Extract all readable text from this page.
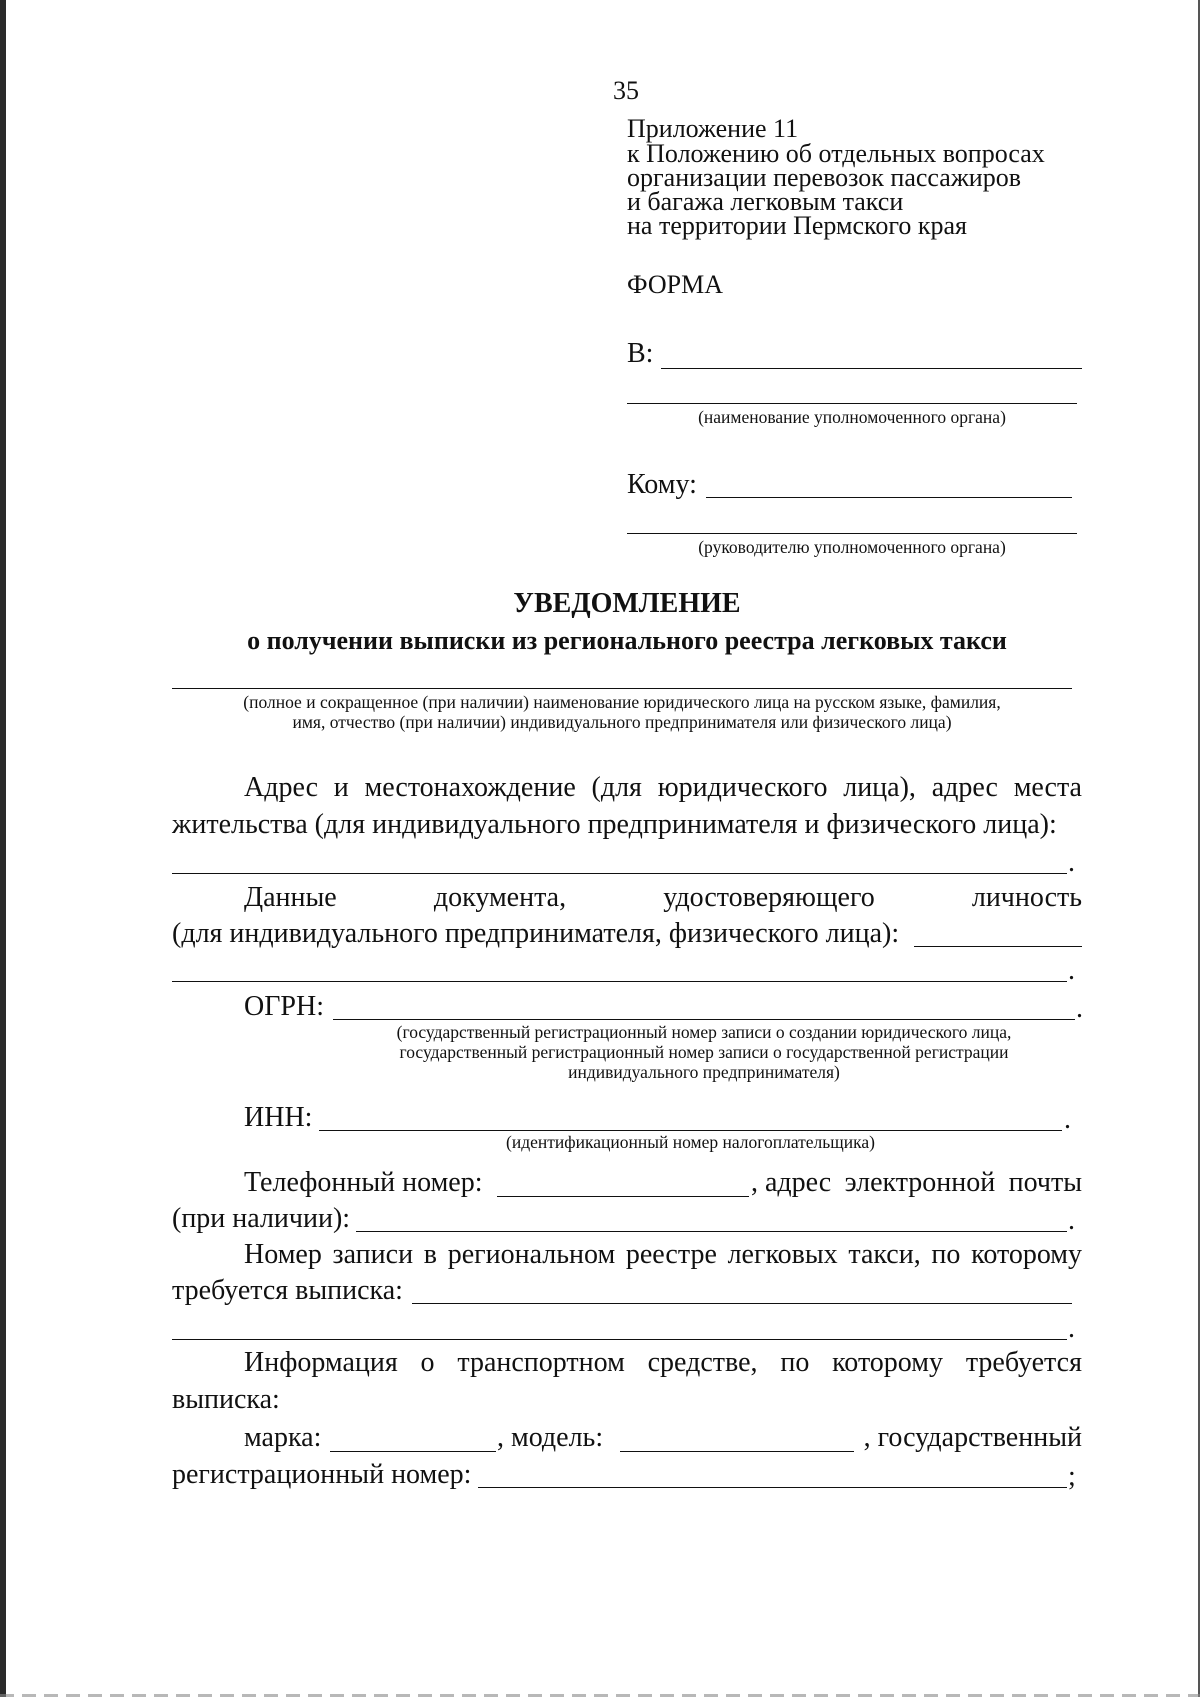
35
Приложение 11
к Положению об отдельных вопросах
организации перевозок пассажиров
и багажа легковым такси
на территории Пермского края
ФОРМА
В:
(наименование уполномоченного органа)
Кому:
(руководителю уполномоченного органа)
УВЕДОМЛЕНИЕ
о получении выписки из регионального реестра легковых такси
(полное и сокращенное (при наличии) наименование юридического лица на русском языке, фамилия,
имя, отчество (при наличии) индивидуального предпринимателя или физического лица)
Адрес и местонахождение (для юридического лица), адрес места
жительства (для индивидуального предпринимателя и физического лица):
.
Данные	документа,	удостоверяющего	личность
(для индивидуального предпринимателя, физического лица):
.
ОГРН:	.
(государственный регистрационный номер записи о создании юридического лица,
государственный регистрационный номер записи о государственной регистрации
индивидуального предпринимателя)
ИНН:	.
(идентификационный номер налогоплательщика)
Телефонный номер:	, адрес электронной почты
(при наличии):	.
Номер записи в региональном реестре легковых такси, по которому
требуется выписка:
.
Информация о транспортном средстве, по которому требуется
выписка:
марка:	, модель:	, государственный
регистрационный номер:	;
